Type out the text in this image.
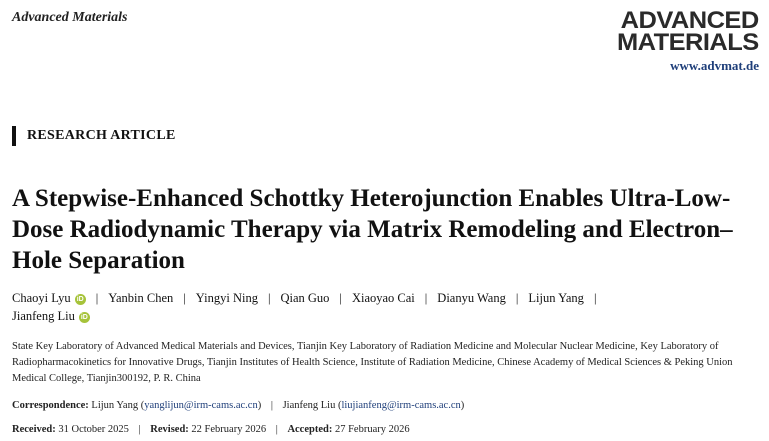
Advanced Materials	ADVANCED
MATERIALS
www.advmat.de
RESEARCH ARTICLE
A Stepwise-Enhanced Schottky Heterojunction Enables Ultra-Low-Dose Radiodynamic Therapy via Matrix Remodeling and Electron–Hole Separation
Chaoyi Lyu iD | Yanbin Chen | Yingyi Ning | Qian Guo | Xiaoyao Cai | Dianyu Wang | Lijun Yang |
Jianfeng Liu iD

State Key Laboratory of Advanced Medical Materials and Devices, Tianjin Key Laboratory of Radiation Medicine and Molecular Nuclear Medicine, Key Laboratory of Radiopharmacokinetics for Innovative Drugs, Tianjin Institutes of Health Science, Institute of Radiation Medicine, Chinese Academy of Medical Sciences & Peking Union Medical College, Tianjin300192, P. R. China

Correspondence: Lijun Yang (yanglijun@irm-cams.ac.cn) | Jianfeng Liu (liujianfeng@irm-cams.ac.cn)
Received: 31 October 2025 | Revised: 22 February 2026 | Accepted: 27 February 2026
